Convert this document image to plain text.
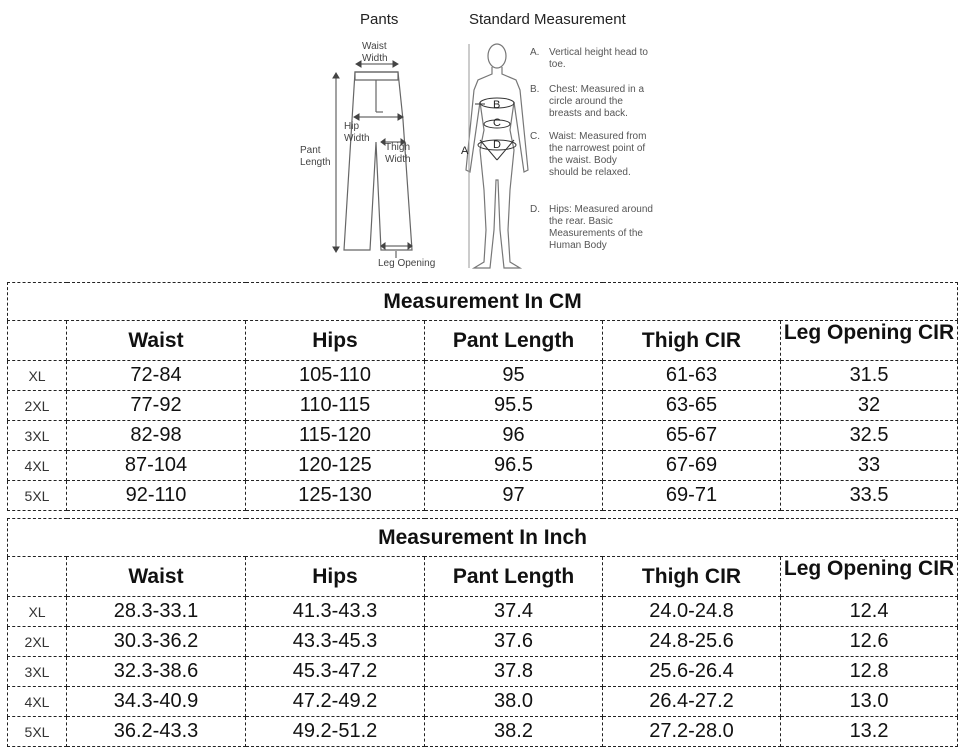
Pants	Standard Measurement
Waist
Width
Hip
Width
Pant
Length
Thigh
Width
Leg Opening
A
B
C
D
A. Vertical height head to toe.
B. Chest: Measured in a circle around the breasts and back.
C. Waist: Measured from the narrowest point of the waist. Body should be relaxed.
D. Hips: Measured around the rear. Basic Measurements of the Human Body
Measurement In CM					
	Waist	Hips	Pant Length	Thigh CIR	Leg Opening CIR

XL	72-84	105-110	95	61-63	31.5
2XL	77-92	110-115	95.5	63-65	32
3XL	82-98	115-120	96	65-67	32.5
4XL	87-104	120-125	96.5	67-69	33
5XL	92-110	125-130	97	69-71	33.5
Measurement In Inch					
	Waist	Hips	Pant Length	Thigh CIR	Leg Opening CIR

XL	28.3-33.1	41.3-43.3	37.4	24.0-24.8	12.4
2XL	30.3-36.2	43.3-45.3	37.6	24.8-25.6	12.6
3XL	32.3-38.6	45.3-47.2	37.8	25.6-26.4	12.8
4XL	34.3-40.9	47.2-49.2	38.0	26.4-27.2	13.0
5XL	36.2-43.3	49.2-51.2	38.2	27.2-28.0	13.2
